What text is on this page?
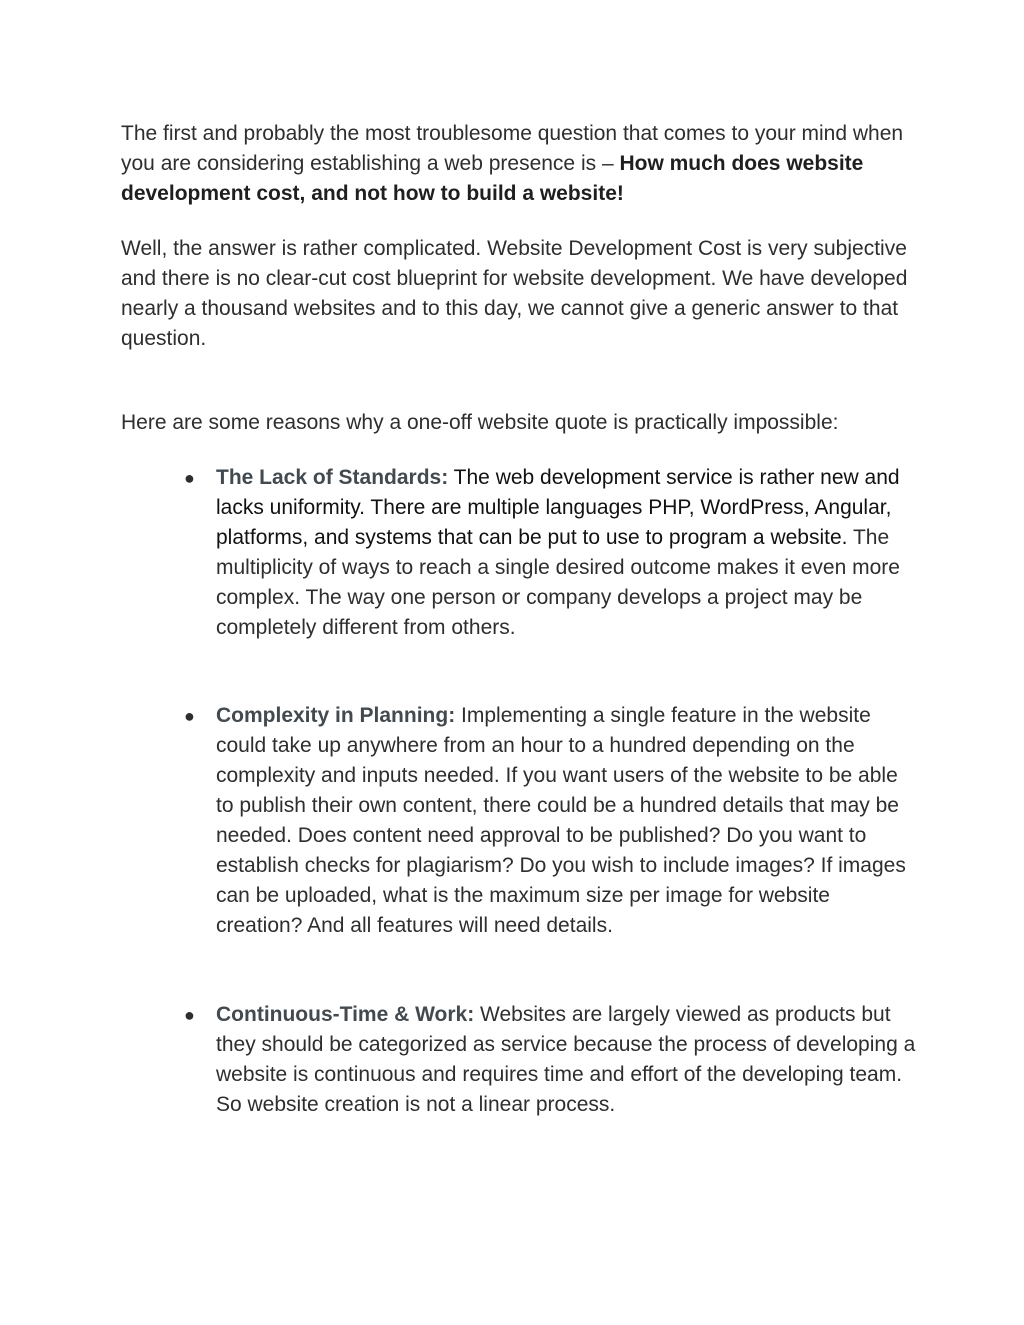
The first and probably the most troublesome question that comes to your mind when you are considering establishing a web presence is – How much does website development cost, and not how to build a website!

Well, the answer is rather complicated. Website Development Cost is very subjective and there is no clear-cut cost blueprint for website development. We have developed nearly a thousand websites and to this day, we cannot give a generic answer to that question.

Here are some reasons why a one-off website quote is practically impossible:

● The Lack of Standards: The web development service is rather new and lacks uniformity. There are multiple languages PHP, WordPress, Angular, platforms, and systems that can be put to use to program a website. The multiplicity of ways to reach a single desired outcome makes it even more complex. The way one person or company develops a project may be completely different from others.
● Complexity in Planning: Implementing a single feature in the website could take up anywhere from an hour to a hundred depending on the complexity and inputs needed. If you want users of the website to be able to publish their own content, there could be a hundred details that may be needed. Does content need approval to be published? Do you want to establish checks for plagiarism? Do you wish to include images? If images can be uploaded, what is the maximum size per image for website creation? And all features will need details.
● Continuous-Time & Work: Websites are largely viewed as products but they should be categorized as service because the process of developing a website is continuous and requires time and effort of the developing team. So website creation is not a linear process.
